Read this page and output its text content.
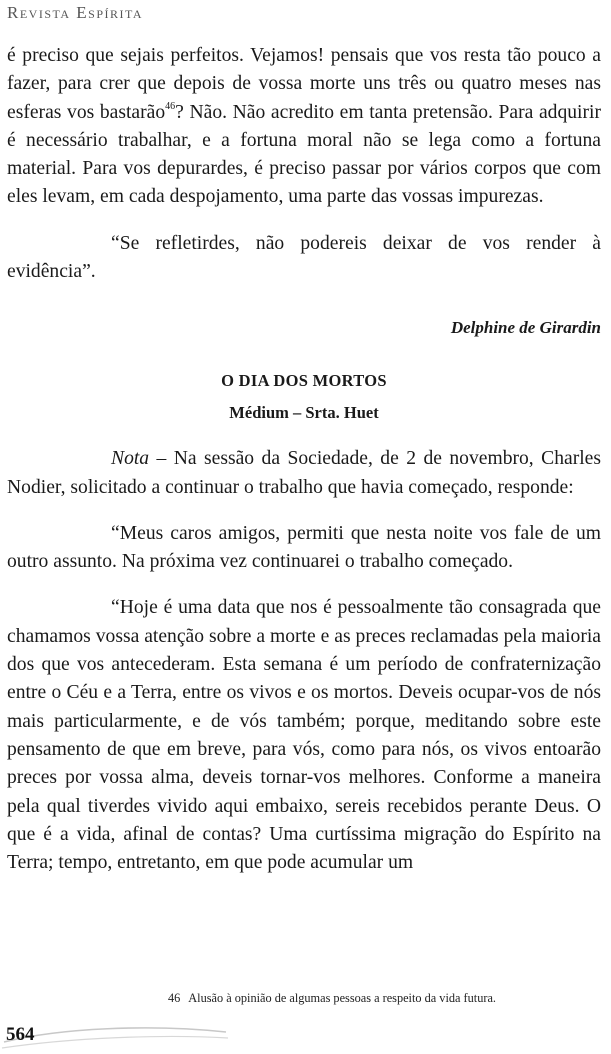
Revista Espírita

é preciso que sejais perfeitos. Vejamos! pensais que vos resta tão pouco a fazer, para crer que depois de vossa morte uns três ou quatro meses nas esferas vos bastarão$^{46}$? Não. Não acredito em tanta pretensão. Para adquirir é necessário trabalhar, e a fortuna moral não se lega como a fortuna material. Para vos depurardes, é preciso passar por vários corpos que com eles levam, em cada despojamento, uma parte das vossas impurezas.

“Se refletirdes, não podereis deixar de vos render à evidência”.

Delphine de Girardin

O DIA DOS MORTOS

Médium – Srta. Huet

Nota – Na sessão da Sociedade, de 2 de novembro, Charles Nodier, solicitado a continuar o trabalho que havia começado, responde:

“Meus caros amigos, permiti que nesta noite vos fale de um outro assunto. Na próxima vez continuarei o trabalho começado.

“Hoje é uma data que nos é pessoalmente tão consagrada que chamamos vossa atenção sobre a morte e as preces reclamadas pela maioria dos que vos antecederam. Esta semana é um período de confraternização entre o Céu e a Terra, entre os vivos e os mortos. Deveis ocupar-vos de nós mais particularmente, e de vós também; porque, meditando sobre este pensamento de que em breve, para vós, como para nós, os vivos entoarão preces por vossa alma, deveis tornar-vos melhores. Conforme a maneira pela qual tiverdes vivido aqui embaixo, sereis recebidos perante Deus. O que é a vida, afinal de contas? Uma curtíssima migração do Espírito na Terra; tempo, entretanto, em que pode acumular um

46 Alusão à opinião de algumas pessoas a respeito da vida futura.
564
